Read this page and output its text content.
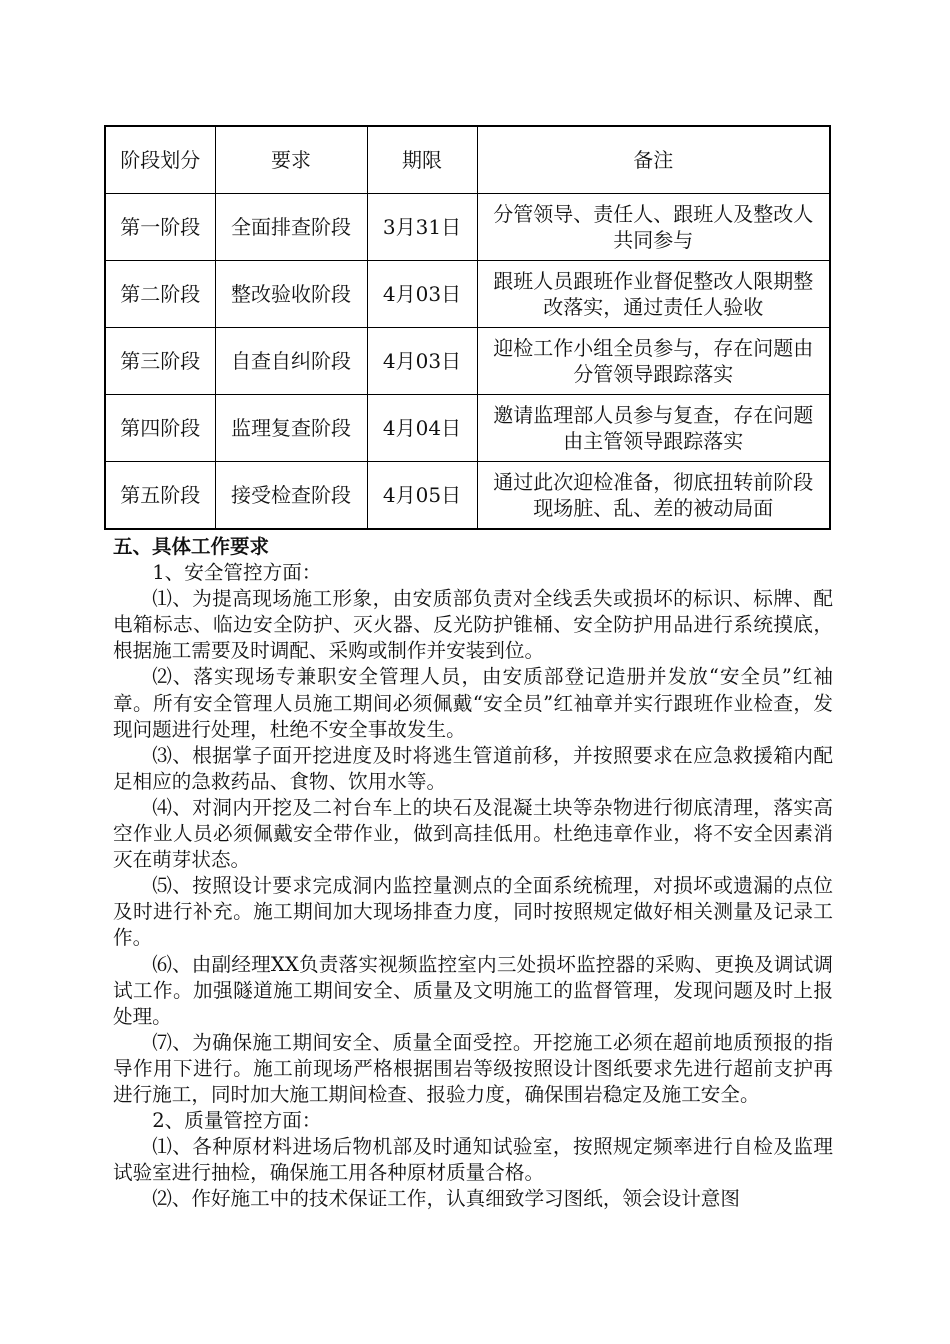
阶段划分	要求	期限	备注
第一阶段	全面排查阶段	3月31日	分管领导、责任人、跟班人及整改人共同参与
第二阶段	整改验收阶段	4月03日	跟班人员跟班作业督促整改人限期整改落实，通过责任人验收
第三阶段	自查自纠阶段	4月03日	迎检工作小组全员参与，存在问题由分管领导跟踪落实
第四阶段	监理复查阶段	4月04日	邀请监理部人员参与复查，存在问题由主管领导跟踪落实
第五阶段	接受检查阶段	4月05日	通过此次迎检准备，彻底扭转前阶段现场脏、乱、差的被动局面

五、具体工作要求

1、安全管控方面：

⑴、为提高现场施工形象，由安质部负责对全线丢失或损坏的标识、标牌、配电箱标志、临边安全防护、灭火器、反光防护锥桶、安全防护用品进行系统摸底，根据施工需要及时调配、采购或制作并安装到位。

⑵、落实现场专兼职安全管理人员，由安质部登记造册并发放“安全员”红袖章。所有安全管理人员施工期间必须佩戴“安全员”红袖章并实行跟班作业检查，发现问题进行处理，杜绝不安全事故发生。

⑶、根据掌子面开挖进度及时将逃生管道前移，并按照要求在应急救援箱内配足相应的急救药品、食物、饮用水等。

⑷、对洞内开挖及二衬台车上的块石及混凝土块等杂物进行彻底清理，落实高空作业人员必须佩戴安全带作业，做到高挂低用。杜绝违章作业，将不安全因素消灭在萌芽状态。

⑸、按照设计要求完成洞内监控量测点的全面系统梳理，对损坏或遗漏的点位及时进行补充。施工期间加大现场排查力度，同时按照规定做好相关测量及记录工作。

⑹、由副经理XX负责落实视频监控室内三处损坏监控器的采购、更换及调试调试工作。加强隧道施工期间安全、质量及文明施工的监督管理，发现问题及时上报处理。

⑺、为确保施工期间安全、质量全面受控。开挖施工必须在超前地质预报的指导作用下进行。施工前现场严格根据围岩等级按照设计图纸要求先进行超前支护再进行施工，同时加大施工期间检查、报验力度，确保围岩稳定及施工安全。

2、质量管控方面：

⑴、各种原材料进场后物机部及时通知试验室，按照规定频率进行自检及监理试验室进行抽检，确保施工用各种原材质量合格。

⑵、作好施工中的技术保证工作，认真细致学习图纸，领会设计意图
